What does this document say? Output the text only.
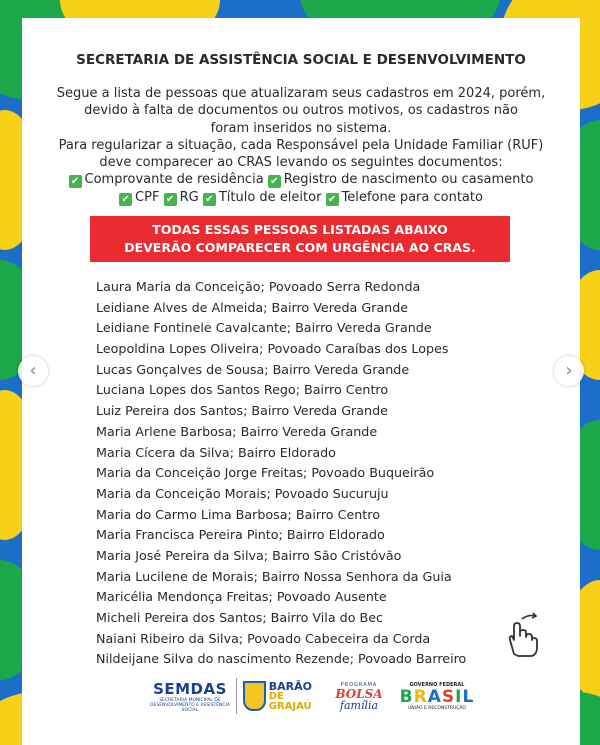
SECRETARIA DE ASSISTÊNCIA SOCIAL E DESENVOLVIMENTO
Segue a lista de pessoas que atualizaram seus cadastros em 2024, porém,
devido à falta de documentos ou outros motivos, os cadastros não
foram inseridos no sistema.
Para regularizar a situação, cada Responsável pela Unidade Familiar (RUF)
deve comparecer ao CRAS levando os seguintes documentos:
✔ Comprovante de residência ✔ Registro de nascimento ou casamento
✔ CPF ✔ RG ✔ Título de eleitor ✔ Telefone para contato
TODAS ESSAS PESSOAS LISTADAS ABAIXO
DEVERÃO COMPARECER COM URGÊNCIA AO CRAS.
Laura Maria da Conceição; Povoado Serra Redonda
Leidiane Alves de Almeida; Bairro Vereda Grande
Leidiane Fontinele Cavalcante; Bairro Vereda Grande
Leopoldina Lopes Oliveira; Povoado Caraíbas dos Lopes
Lucas Gonçalves de Sousa; Bairro Vereda Grande
Luciana Lopes dos Santos Rego; Bairro Centro
Luiz Pereira dos Santos; Bairro Vereda Grande
Maria Arlene Barbosa; Bairro Vereda Grande
Maria Cícera da Silva; Bairro Eldorado
Maria da Conceição Jorge Freitas; Povoado Buqueirão
Maria da Conceição Morais; Povoado Sucuruju
Maria do Carmo Lima Barbosa; Bairro Centro
Maria Francisca Pereira Pinto; Bairro Eldorado
Maria José Pereira da Silva; Bairro São Cristóvão
Maria Lucilene de Morais; Bairro Nossa Senhora da Guia
Maricélia Mendonça Freitas; Povoado Ausente
Micheli Pereira dos Santos; Bairro Vila do Bec
Naiani Ribeiro da Silva; Povoado Cabeceira da Corda
Nildeijane Silva do nascimento Rezende; Povoado Barreiro
SEMDAS
SECRETARIA MUNICIPAL DE DESENVOLVIMENTO E ASSISTÊNCIA SOCIAL
BARÃO
DE GRAJAÚ
PROGRAMA
BOLSA
família
GOVERNO FEDERAL
BRASIL
UNIÃO E RECONSTRUÇÃO
‹	›
